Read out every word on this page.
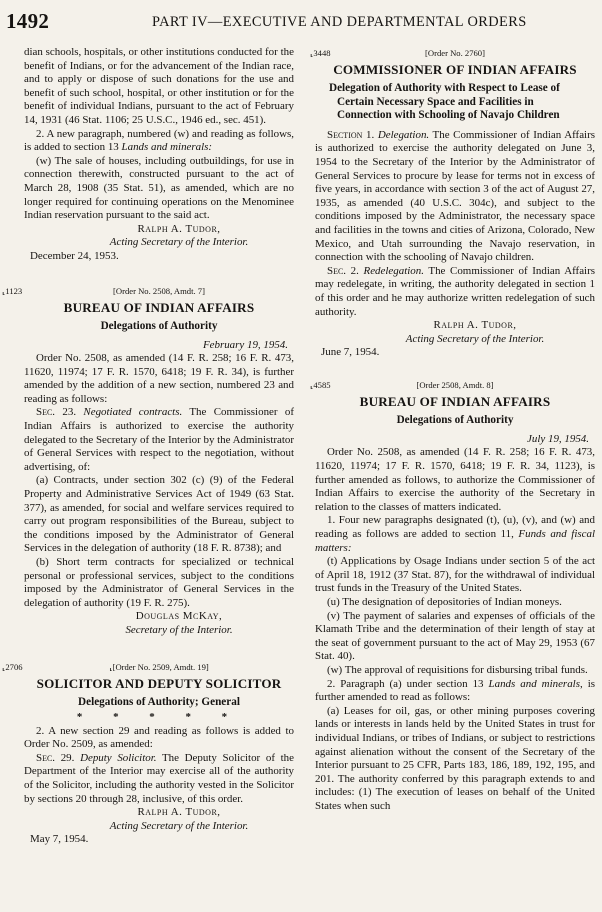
1492	PART IV—EXECUTIVE AND DEPARTMENTAL ORDERS

dian schools, hospitals, or other institutions conducted for the benefit of Indians, or for the advancement of the Indian race, and to apply or dispose of such donations for the use and benefit of such school, hospital, or other institution or for the benefit of individual Indians, pursuant to the act of February 14, 1931 (46 Stat. 1106; 25 U.S.C., 1946 ed., sec. 451).

2. A new paragraph, numbered (w) and reading as follows, is added to section 13 Lands and minerals:

(w) The sale of houses, including outbuildings, for use in connection therewith, constructed pursuant to the act of March 28, 1908 (35 Stat. 51), as amended, which are no longer required for continuing operations on the Menominee Indian reservation pursuant to the said act.

Ralph A. Tudor,

Acting Secretary of the Interior.

December 24, 1953.

⸤1123	[Order No. 2508, Amdt. 7]
BUREAU OF INDIAN AFFAIRS
Delegations of Authority

February 19, 1954.

Order No. 2508, as amended (14 F. R. 258; 16 F. R. 473, 11620, 11974; 17 F. R. 1570, 6418; 19 F. R. 34), is further amended by the addition of a new section, numbered 23 and reading as follows:

Sec. 23. Negotiated contracts. The Commissioner of Indian Affairs is authorized to exercise the authority delegated to the Secretary of the Interior by the Administrator of General Services with respect to the negotiation, without advertising, of:

(a) Contracts, under section 302 (c) (9) of the Federal Property and Administrative Services Act of 1949 (63 Stat. 377), as amended, for social and welfare services required to carry out program responsibilities of the Bureau, subject to the conditions imposed by the Administrator of General Services in the delegation of authority (18 F. R. 8738); and

(b) Short term contracts for specialized or technical personal or professional services, subject to the conditions imposed by the Administrator of General Services in the delegation of authority (19 F. R. 275).

Douglas McKay,

Secretary of the Interior.

⸤2706	⸤[Order No. 2509, Amdt. 19]
SOLICITOR AND DEPUTY SOLICITOR
Delegations of Authority; General
* * * * *

2. A new section 29 and reading as follows is added to Order No. 2509, as amended:

Sec. 29. Deputy Solicitor. The Deputy Solicitor of the Department of the Interior may exercise all of the authority of the Solicitor, including the authority vested in the Solicitor by sections 20 through 28, inclusive, of this order.

Ralph A. Tudor,

Acting Secretary of the Interior.

May 7, 1954.

⸤3448	[Order No. 2760]
COMMISSIONER OF INDIAN AFFAIRS
Delegation of Authority with Respect to Lease of Certain Necessary Space and Facilities in Connection with Schooling of Navajo Children

Section 1. Delegation. The Commissioner of Indian Affairs is authorized to exercise the authority delegated on June 3, 1954 to the Secretary of the Interior by the Administrator of General Services to procure by lease for terms not in excess of five years, in accordance with section 3 of the act of August 27, 1935, as amended (40 U.S.C. 304c), and subject to the conditions imposed by the Administrator, the necessary space and facilities in the towns and cities of Arizona, Colorado, New Mexico, and Utah surrounding the Navajo reservation, in connection with the schooling of Navajo children.

Sec. 2. Redelegation. The Commissioner of Indian Affairs may redelegate, in writing, the authority delegated in section 1 of this order and he may authorize written redelegation of such authority.

Ralph A. Tudor,

Acting Secretary of the Interior.

June 7, 1954.

⸤4585	[Order 2508, Amdt. 8]
BUREAU OF INDIAN AFFAIRS
Delegations of Authority

July 19, 1954.

Order No. 2508, as amended (14 F. R. 258; 16 F. R. 473, 11620, 11974; 17 F. R. 1570, 6418; 19 F. R. 34, 1123), is further amended as follows, to authorize the Commissioner of Indian Affairs to exercise the authority of the Secretary in relation to the classes of matters indicated.

1. Four new paragraphs designated (t), (u), (v), and (w) and reading as follows are added to section 11, Funds and fiscal matters:

(t) Applications by Osage Indians under section 5 of the act of April 18, 1912 (37 Stat. 87), for the withdrawal of individual trust funds in the Treasury of the United States.

(u) The designation of depositories of Indian moneys.

(v) The payment of salaries and expenses of officials of the Klamath Tribe and the determination of their length of stay at the seat of government pursuant to the act of May 29, 1953 (67 Stat. 40).

(w) The approval of requisitions for disbursing tribal funds.

2. Paragraph (a) under section 13 Lands and minerals, is further amended to read as follows:

(a) Leases for oil, gas, or other mining purposes covering lands or interests in lands held by the United States in trust for individual Indians, or tribes of Indians, or subject to restrictions against alienation without the consent of the Secretary of the Interior pursuant to 25 CFR, Parts 183, 186, 189, 192, 195, and 201. The authority conferred by this paragraph extends to and includes: (1) The execution of leases on behalf of the United States when such
